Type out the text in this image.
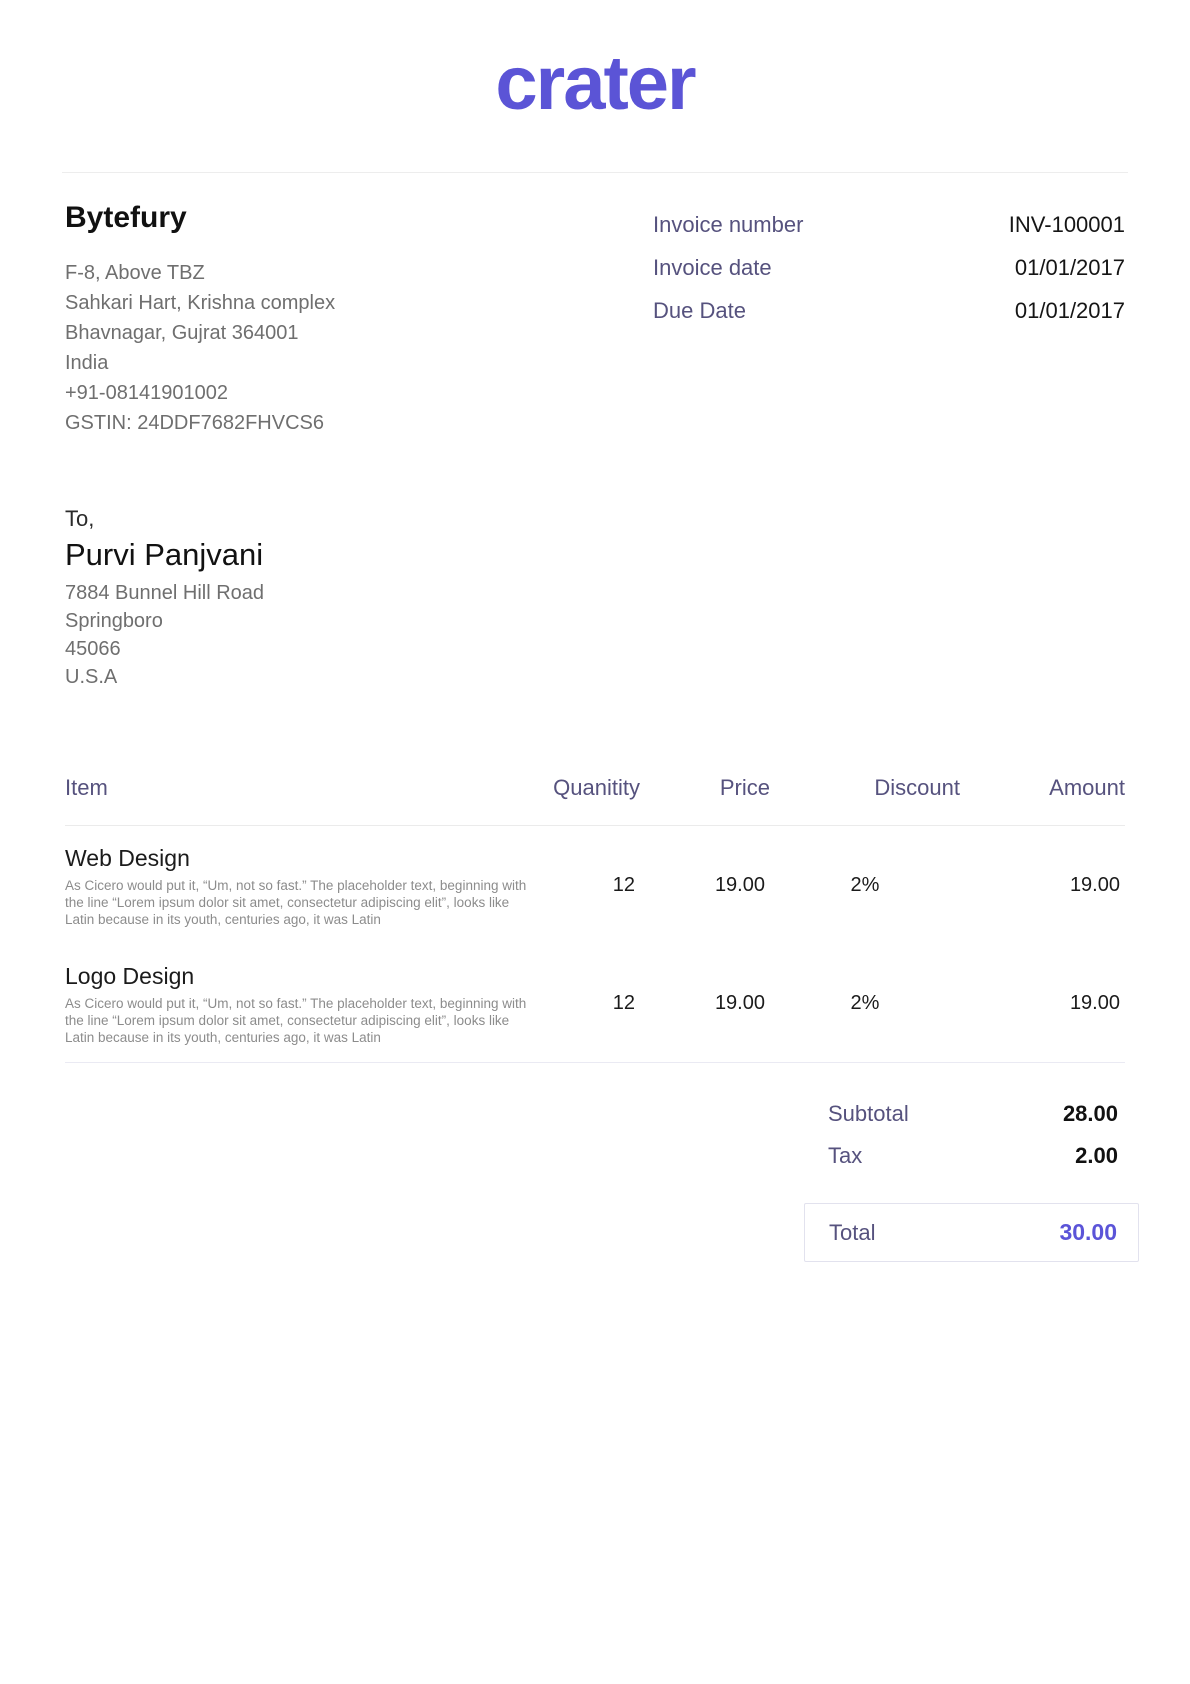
crater
Bytefury
F-8, Above TBZ
Sahkari Hart, Krishna complex
Bhavnagar, Gujrat 364001
India
+91-08141901002
GSTIN: 24DDF7682FHVCS6
Invoice number	INV-100001
Invoice date	01/01/2017
Due Date	01/01/2017
To,
Purvi Panjvani
7884 Bunnel Hill Road
Springboro
45066
U.S.A
Item	Quanitity	Price	Discount	Amount
Web Design
As Cicero would put it, “Um, not so fast.” The placeholder text, beginning with the line “Lorem ipsum dolor sit amet, consectetur adipiscing elit”, looks like Latin because in its youth, centuries ago, it was Latin
12	19.00	2%	19.00
Logo Design
As Cicero would put it, “Um, not so fast.” The placeholder text, beginning with the line “Lorem ipsum dolor sit amet, consectetur adipiscing elit”, looks like Latin because in its youth, centuries ago, it was Latin
12	19.00	2%	19.00
Subtotal	28.00
Tax	2.00
Total	30.00
